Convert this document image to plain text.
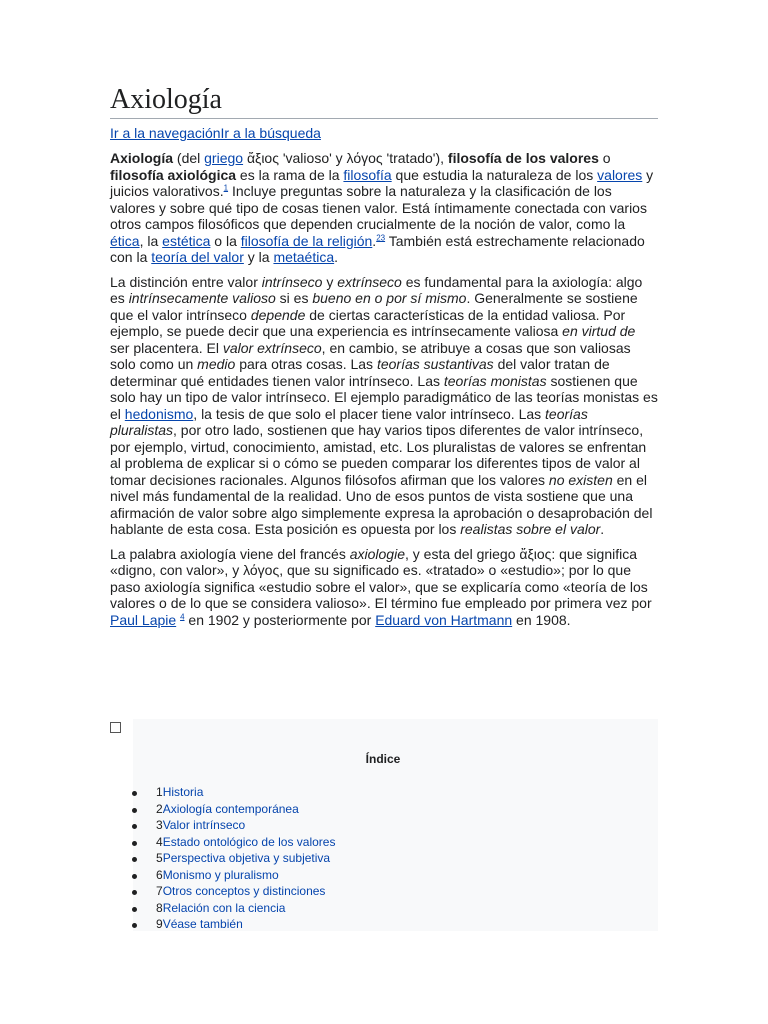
Axiología
Ir a la navegaciónIr a la búsqueda

Axiología (del griego ἄξιος 'valioso' y λόγος 'tratado'), filosofía de los valores o filosofía axiológica es la rama de la filosofía que estudia la naturaleza de los valores y juicios valorativos.$^1$ Incluye preguntas sobre la naturaleza y la clasificación de los valores y sobre qué tipo de cosas tienen valor. Está íntimamente conectada con varios otros campos filosóficos que dependen crucialmente de la noción de valor, como la ética, la estética o la filosofía de la religión.$^{23}$ También está estrechamente relacionado con la teoría del valor y la metaética.

La distinción entre valor intrínseco y extrínseco es fundamental para la axiología: algo es intrínsecamente valioso si es bueno en o por sí mismo. Generalmente se sostiene que el valor intrínseco depende de ciertas características de la entidad valiosa. Por ejemplo, se puede decir que una experiencia es intrínsecamente valiosa en virtud de ser placentera. El valor extrínseco, en cambio, se atribuye a cosas que son valiosas solo como un medio para otras cosas. Las teorías sustantivas del valor tratan de determinar qué entidades tienen valor intrínseco. Las teorías monistas sostienen que solo hay un tipo de valor intrínseco. El ejemplo paradigmático de las teorías monistas es el hedonismo, la tesis de que solo el placer tiene valor intrínseco. Las teorías pluralistas, por otro lado, sostienen que hay varios tipos diferentes de valor intrínseco, por ejemplo, virtud, conocimiento, amistad, etc. Los pluralistas de valores se enfrentan al problema de explicar si o cómo se pueden comparar los diferentes tipos de valor al tomar decisiones racionales. Algunos filósofos afirman que los valores no existen en el nivel más fundamental de la realidad. Uno de esos puntos de vista sostiene que una afirmación de valor sobre algo simplemente expresa la aprobación o desaprobación del hablante de esta cosa. Esta posición es opuesta por los realistas sobre el valor.

La palabra axiología viene del francés axiologie, y esta del griego ἄξιος: que significa «digno, con valor», y λόγος, que su significado es. «tratado» o «estudio»; por lo que paso axiología significa «estudio sobre el valor», que se explicaría como «teoría de los valores o de lo que se considera valioso». El término fue empleado por primera vez por Paul Lapie $^4$ en 1902 y posteriormente por Eduard von Hartmann en 1908.

Índice
1Historia
2Axiología contemporánea
3Valor intrínseco
4Estado ontológico de los valores
5Perspectiva objetiva y subjetiva
6Monismo y pluralismo
7Otros conceptos y distinciones
8Relación con la ciencia
9Véase también
